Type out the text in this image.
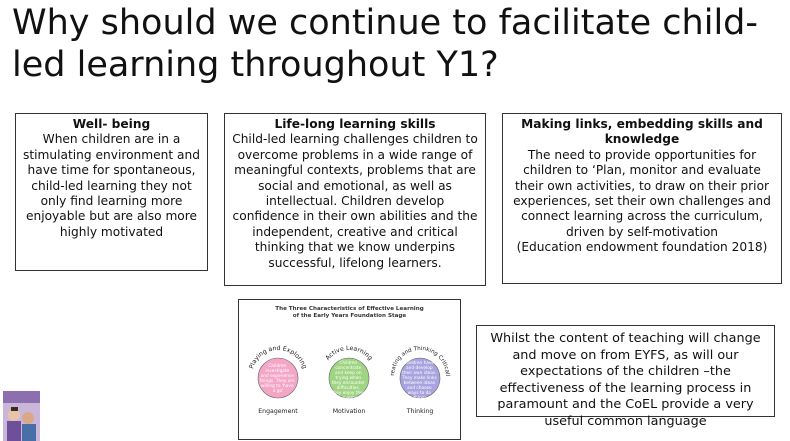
Why should we continue to facilitate child-led learning throughout Y1?
Well- being

When children are in a stimulating environment and have time for spontaneous, child-led learning they not only find learning more enjoyable but are also more highly motivated

Life-long learning skills

Child-led learning challenges children to overcome problems in a wide range of meaningful contexts, problems that are social and emotional, as well as intellectual. Children develop confidence in their own abilities and the independent, creative and critical thinking that we know underpins successful, lifelong learners.

Making links, embedding skills and knowledge

The need to provide opportunities for children to ‘Plan, monitor and evaluate their own activities, to draw on their prior experiences, set their own challenges and connect learning across the curriculum, driven by self-motivation

(Education endowment foundation 2018)

Whilst the content of teaching will change and move on from EYFS, as will our expectations of the children –the effectiveness of the learning process in paramount and the CoEL provide a very useful common language

The Three Characteristics of Effective Learning
of the Early Years Foundation Stage
Playing and Exploring
Children investigate and experience things. They are willing to 'have a go'
Engagement
Active Learning
Children concentrate and keep on trying when they encounter difficulties. They enjoy their achievements
Motivation
reating and Thinking Criticall
Children have and develop their own ideas. They make links between ideas and choose ways to do things
Thinking
